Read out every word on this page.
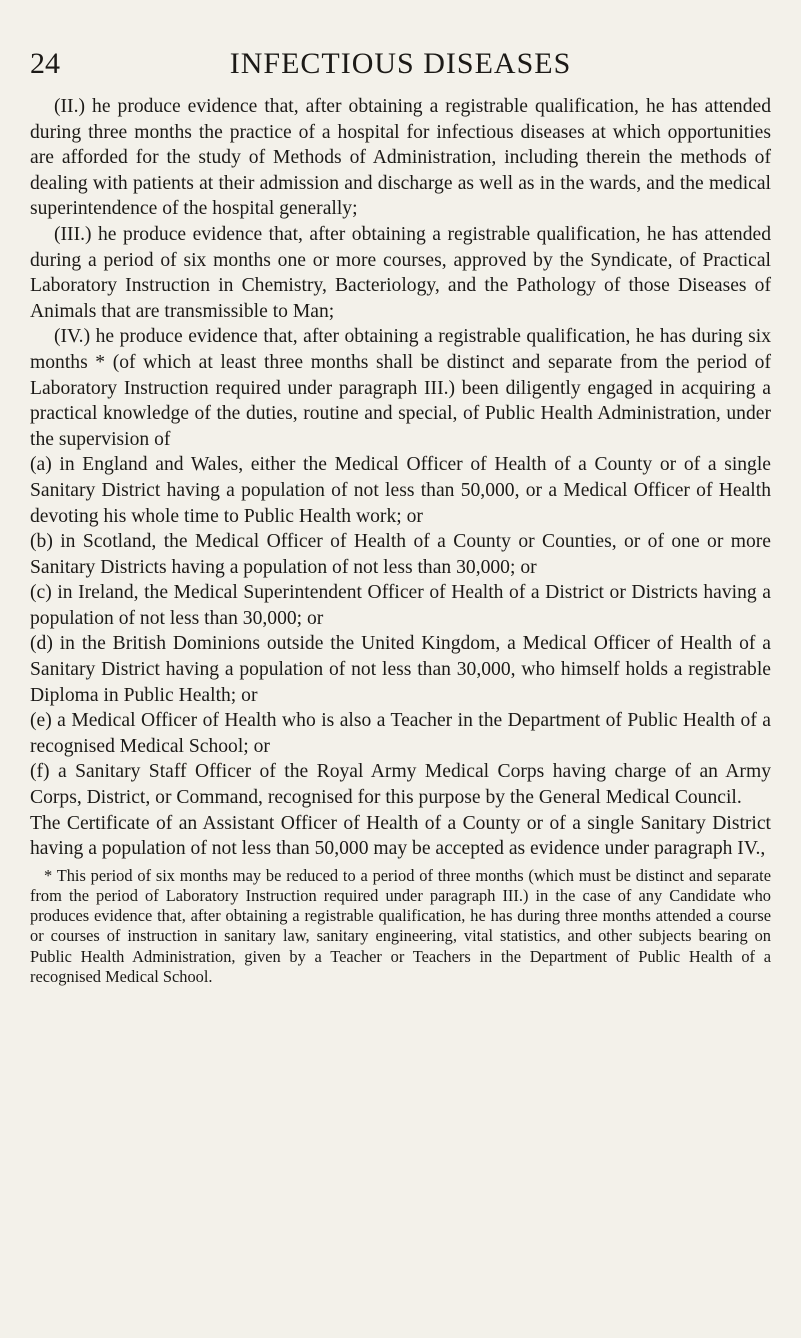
24	INFECTIOUS DISEASES

(II.) he produce evidence that, after obtaining a registrable qualification, he has attended during three months the practice of a hospital for infectious diseases at which opportunities are afforded for the study of Methods of Administration, including therein the methods of dealing with patients at their admission and discharge as well as in the wards, and the medical superintendence of the hospital generally;

(III.) he produce evidence that, after obtaining a registrable qualification, he has attended during a period of six months one or more courses, approved by the Syndicate, of Practical Laboratory Instruction in Chemistry, Bacteriology, and the Pathology of those Diseases of Animals that are transmissible to Man;

(IV.) he produce evidence that, after obtaining a registrable qualification, he has during six months * (of which at least three months shall be distinct and separate from the period of Laboratory Instruction required under paragraph III.) been diligently engaged in acquiring a practical knowledge of the duties, routine and special, of Public Health Administration, under the supervision of

(a) in England and Wales, either the Medical Officer of Health of a County or of a single Sanitary District having a population of not less than 50,000, or a Medical Officer of Health devoting his whole time to Public Health work; or

(b) in Scotland, the Medical Officer of Health of a County or Counties, or of one or more Sanitary Districts having a population of not less than 30,000; or

(c) in Ireland, the Medical Superintendent Officer of Health of a District or Districts having a population of not less than 30,000; or

(d) in the British Dominions outside the United Kingdom, a Medical Officer of Health of a Sanitary District having a population of not less than 30,000, who himself holds a registrable Diploma in Public Health; or

(e) a Medical Officer of Health who is also a Teacher in the Department of Public Health of a recognised Medical School; or

(f) a Sanitary Staff Officer of the Royal Army Medical Corps having charge of an Army Corps, District, or Command, recognised for this purpose by the General Medical Council.

The Certificate of an Assistant Officer of Health of a County or of a single Sanitary District having a population of not less than 50,000 may be accepted as evidence under paragraph IV.,

* This period of six months may be reduced to a period of three months (which must be distinct and separate from the period of Laboratory Instruction required under paragraph III.) in the case of any Candidate who produces evidence that, after obtaining a registrable qualification, he has during three months attended a course or courses of instruction in sanitary law, sanitary engineering, vital statistics, and other subjects bearing on Public Health Administration, given by a Teacher or Teachers in the Department of Public Health of a recognised Medical School.
